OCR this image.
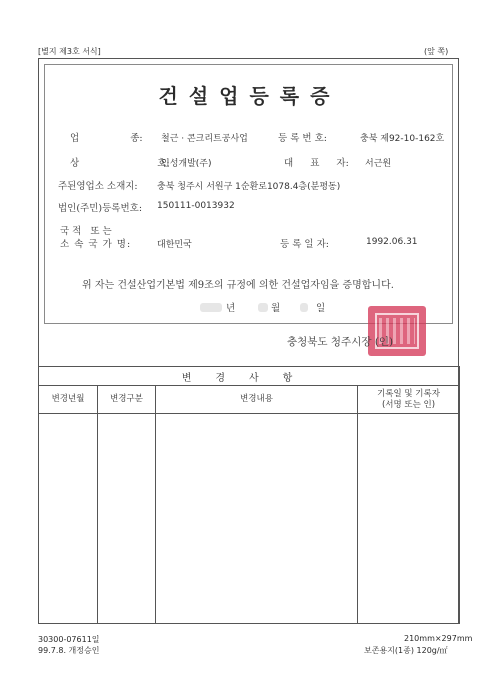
[별지 제3호 서식]	(앞 쪽)
건설업등록증
업 종: 철근 · 콘크리트공사업	등 록 번 호:	충북 제92-10-162호
상 호:
인성개발(주)	대 표 자: 서근원
주된영업소 소재지: 충북 청주시 서원구 1순환로1078.4층(분평동)
법인(주민)등록번호: 150111-0013932
국적 또는
소 속 국 가 명:	대한민국	등 록 일 자:	1992.06.31
위 자는 건설산업기본법 제9조의 규정에 의한 건설업자임을 증명합니다.
년	월	일
충청북도 청주시장 (인)
변경사항			
변경년월	변경구분	변경내용	기록일 및 기록자
(서명 또는 인)

30300-07611일
99.7.8. 개정승인
210mm×297mm
보존용지(1종) 120g/㎡
